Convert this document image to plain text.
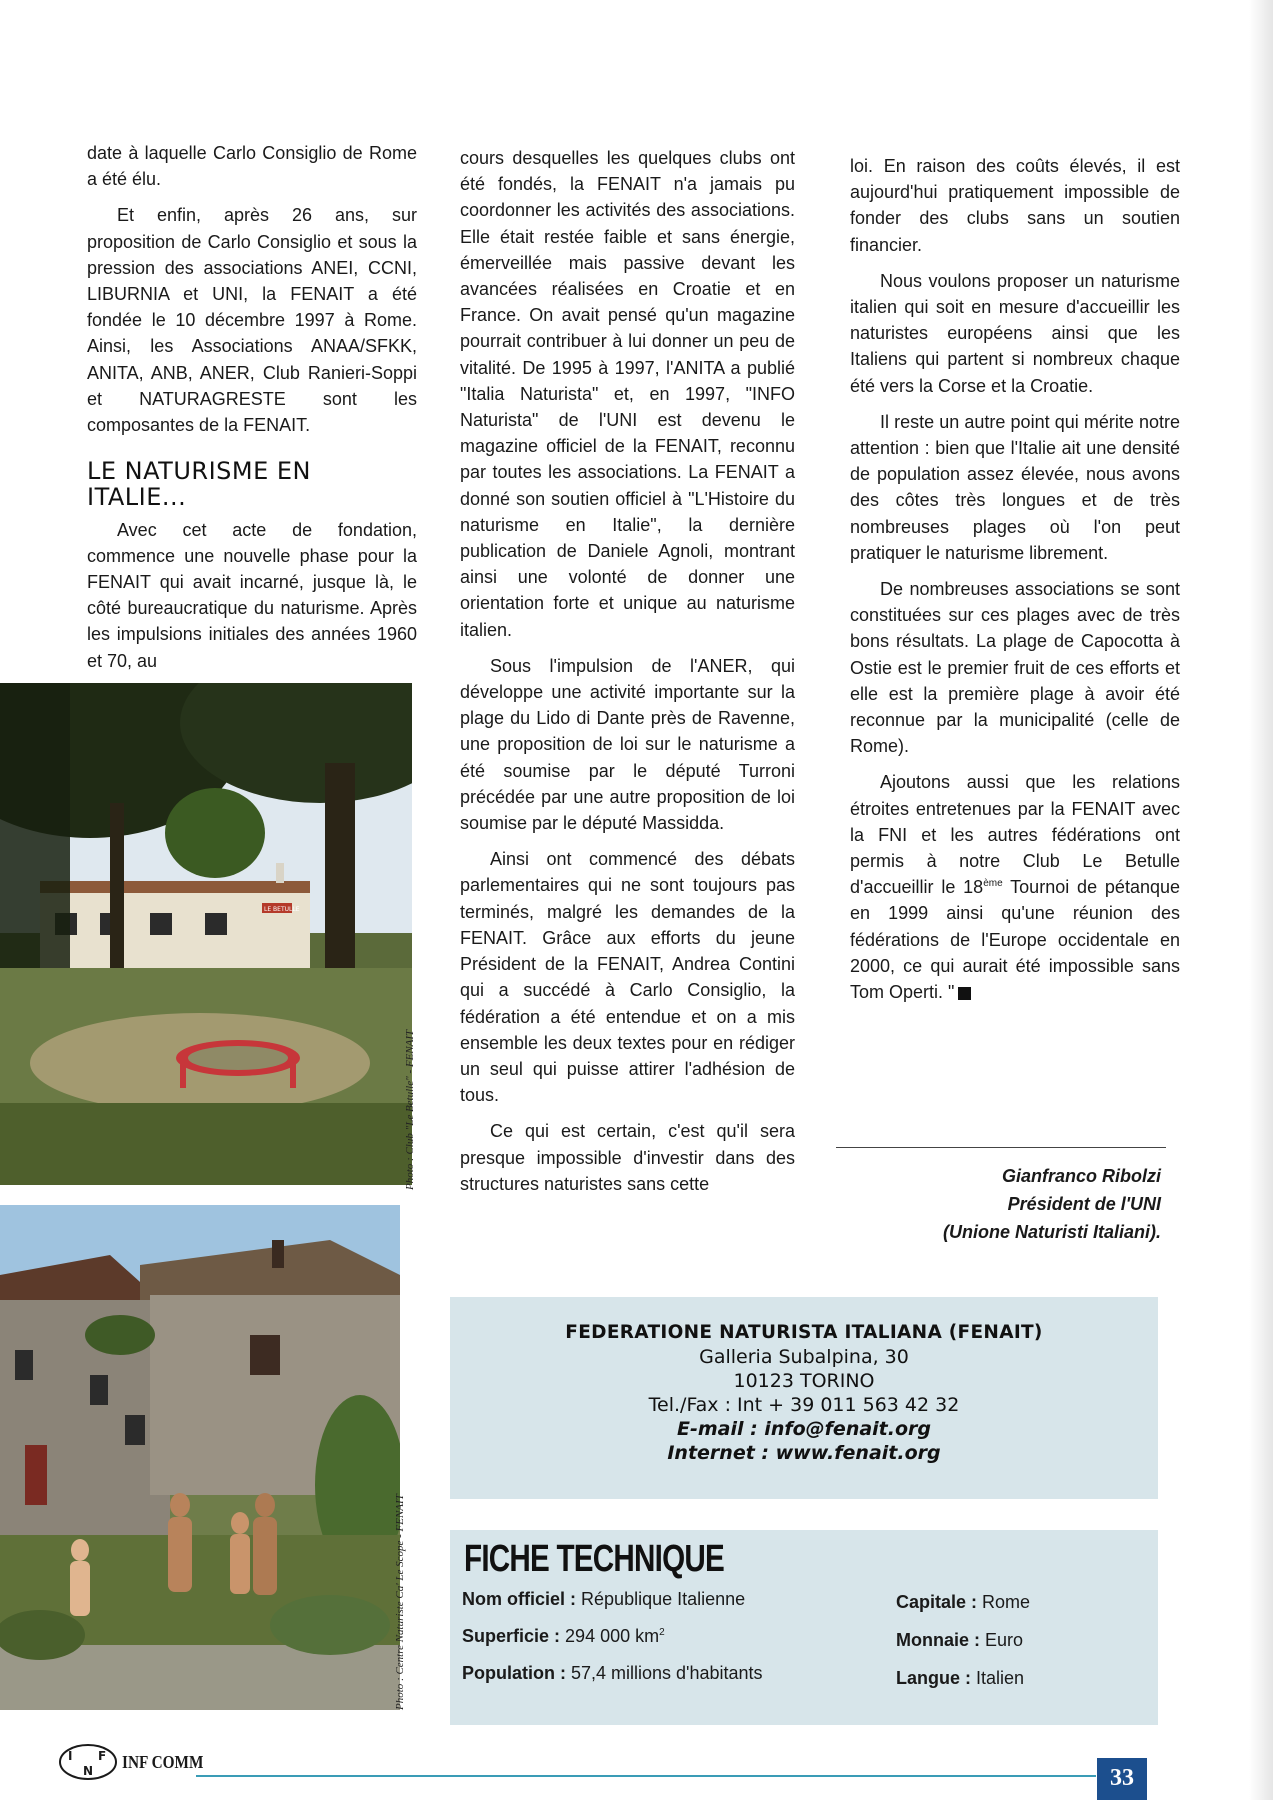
date à laquelle Carlo Consiglio de Rome a été élu.

Et enfin, après 26 ans, sur proposition de Carlo Consiglio et sous la pression des associations ANEI, CCNI, LIBURNIA et UNI, la FENAIT a été fondée le 10 décembre 1997 à Rome. Ainsi, les Associations ANAA/SFKK, ANITA, ANB, ANER, Club Ranieri-Soppi et NATURAGRESTE sont les composantes de la FENAIT.

LE NATURISME EN ITALIE...

Avec cet acte de fondation, commence une nouvelle phase pour la FENAIT qui avait incarné, jusque là, le côté bureaucratique du naturisme. Après les impulsions initiales des années 1960 et 70, au

LE BETULLE
Photo : Club "Le Betulle" - FENAIT
Photo : Centre Naturiste Ca' Le Scope - FENAIT

cours desquelles les quelques clubs ont été fondés, la FENAIT n'a jamais pu coordonner les activités des associations. Elle était restée faible et sans énergie, émerveillée mais passive devant les avancées réalisées en Croatie et en France. On avait pensé qu'un magazine pourrait contribuer à lui donner un peu de vitalité. De 1995 à 1997, l'ANITA a publié "Italia Naturista" et, en 1997, "INFO Naturista" de l'UNI est devenu le magazine officiel de la FENAIT, reconnu par toutes les associations. La FENAIT a donné son soutien officiel à "L'Histoire du naturisme en Italie", la dernière publication de Daniele Agnoli, montrant ainsi une volonté de donner une orientation forte et unique au naturisme italien.

Sous l'impulsion de l'ANER, qui développe une activité importante sur la plage du Lido di Dante près de Ravenne, une proposition de loi sur le naturisme a été soumise par le député Turroni précédée par une autre proposition de loi soumise par le député Massidda.

Ainsi ont commencé des débats parlementaires qui ne sont toujours pas terminés, malgré les demandes de la FENAIT. Grâce aux efforts du jeune Président de la FENAIT, Andrea Contini qui a succédé à Carlo Consiglio, la fédération a été entendue et on a mis ensemble les deux textes pour en rédiger un seul qui puisse attirer l'adhésion de tous.

Ce qui est certain, c'est qu'il sera presque impossible d'investir dans des structures naturistes sans cette

loi. En raison des coûts élevés, il est aujourd'hui pratiquement impossible de fonder des clubs sans un soutien financier.

Nous voulons proposer un naturisme italien qui soit en mesure d'accueillir les naturistes européens ainsi que les Italiens qui partent si nombreux chaque été vers la Corse et la Croatie.

Il reste un autre point qui mérite notre attention : bien que l'Italie ait une densité de population assez élevée, nous avons des côtes très longues et de très nombreuses plages où l'on peut pratiquer le naturisme librement.

De nombreuses associations se sont constituées sur ces plages avec de très bons résultats. La plage de Capocotta à Ostie est le premier fruit de ces efforts et elle est la première plage à avoir été reconnue par la municipalité (celle de Rome).

Ajoutons aussi que les relations étroites entretenues par la FENAIT avec la FNI et les autres fédérations ont permis à notre Club Le Betulle d'accueillir le 18ème Tournoi de pétanque en 1999 ainsi qu'une réunion des fédérations de l'Europe occidentale en 2000, ce qui aurait été impossible sans Tom Operti. "

Gianfranco Ribolzi
Président de l'UNI
(Unione Naturisti Italiani).
FEDERATIONE NATURISTA ITALIANA (FENAIT)
Galleria Subalpina, 30
10123 TORINO
Tel./Fax : Int + 39 011 563 42 32
E-mail : info@fenait.org
Internet : www.fenait.org
FICHE TECHNIQUE
Nom officiel : République Italienne
Superficie : 294 000 $km^2$
Population : 57,4 millions d'habitants
Capitale : Rome
Monnaie : Euro
Langue : Italien
I F
N INF COMM
33
